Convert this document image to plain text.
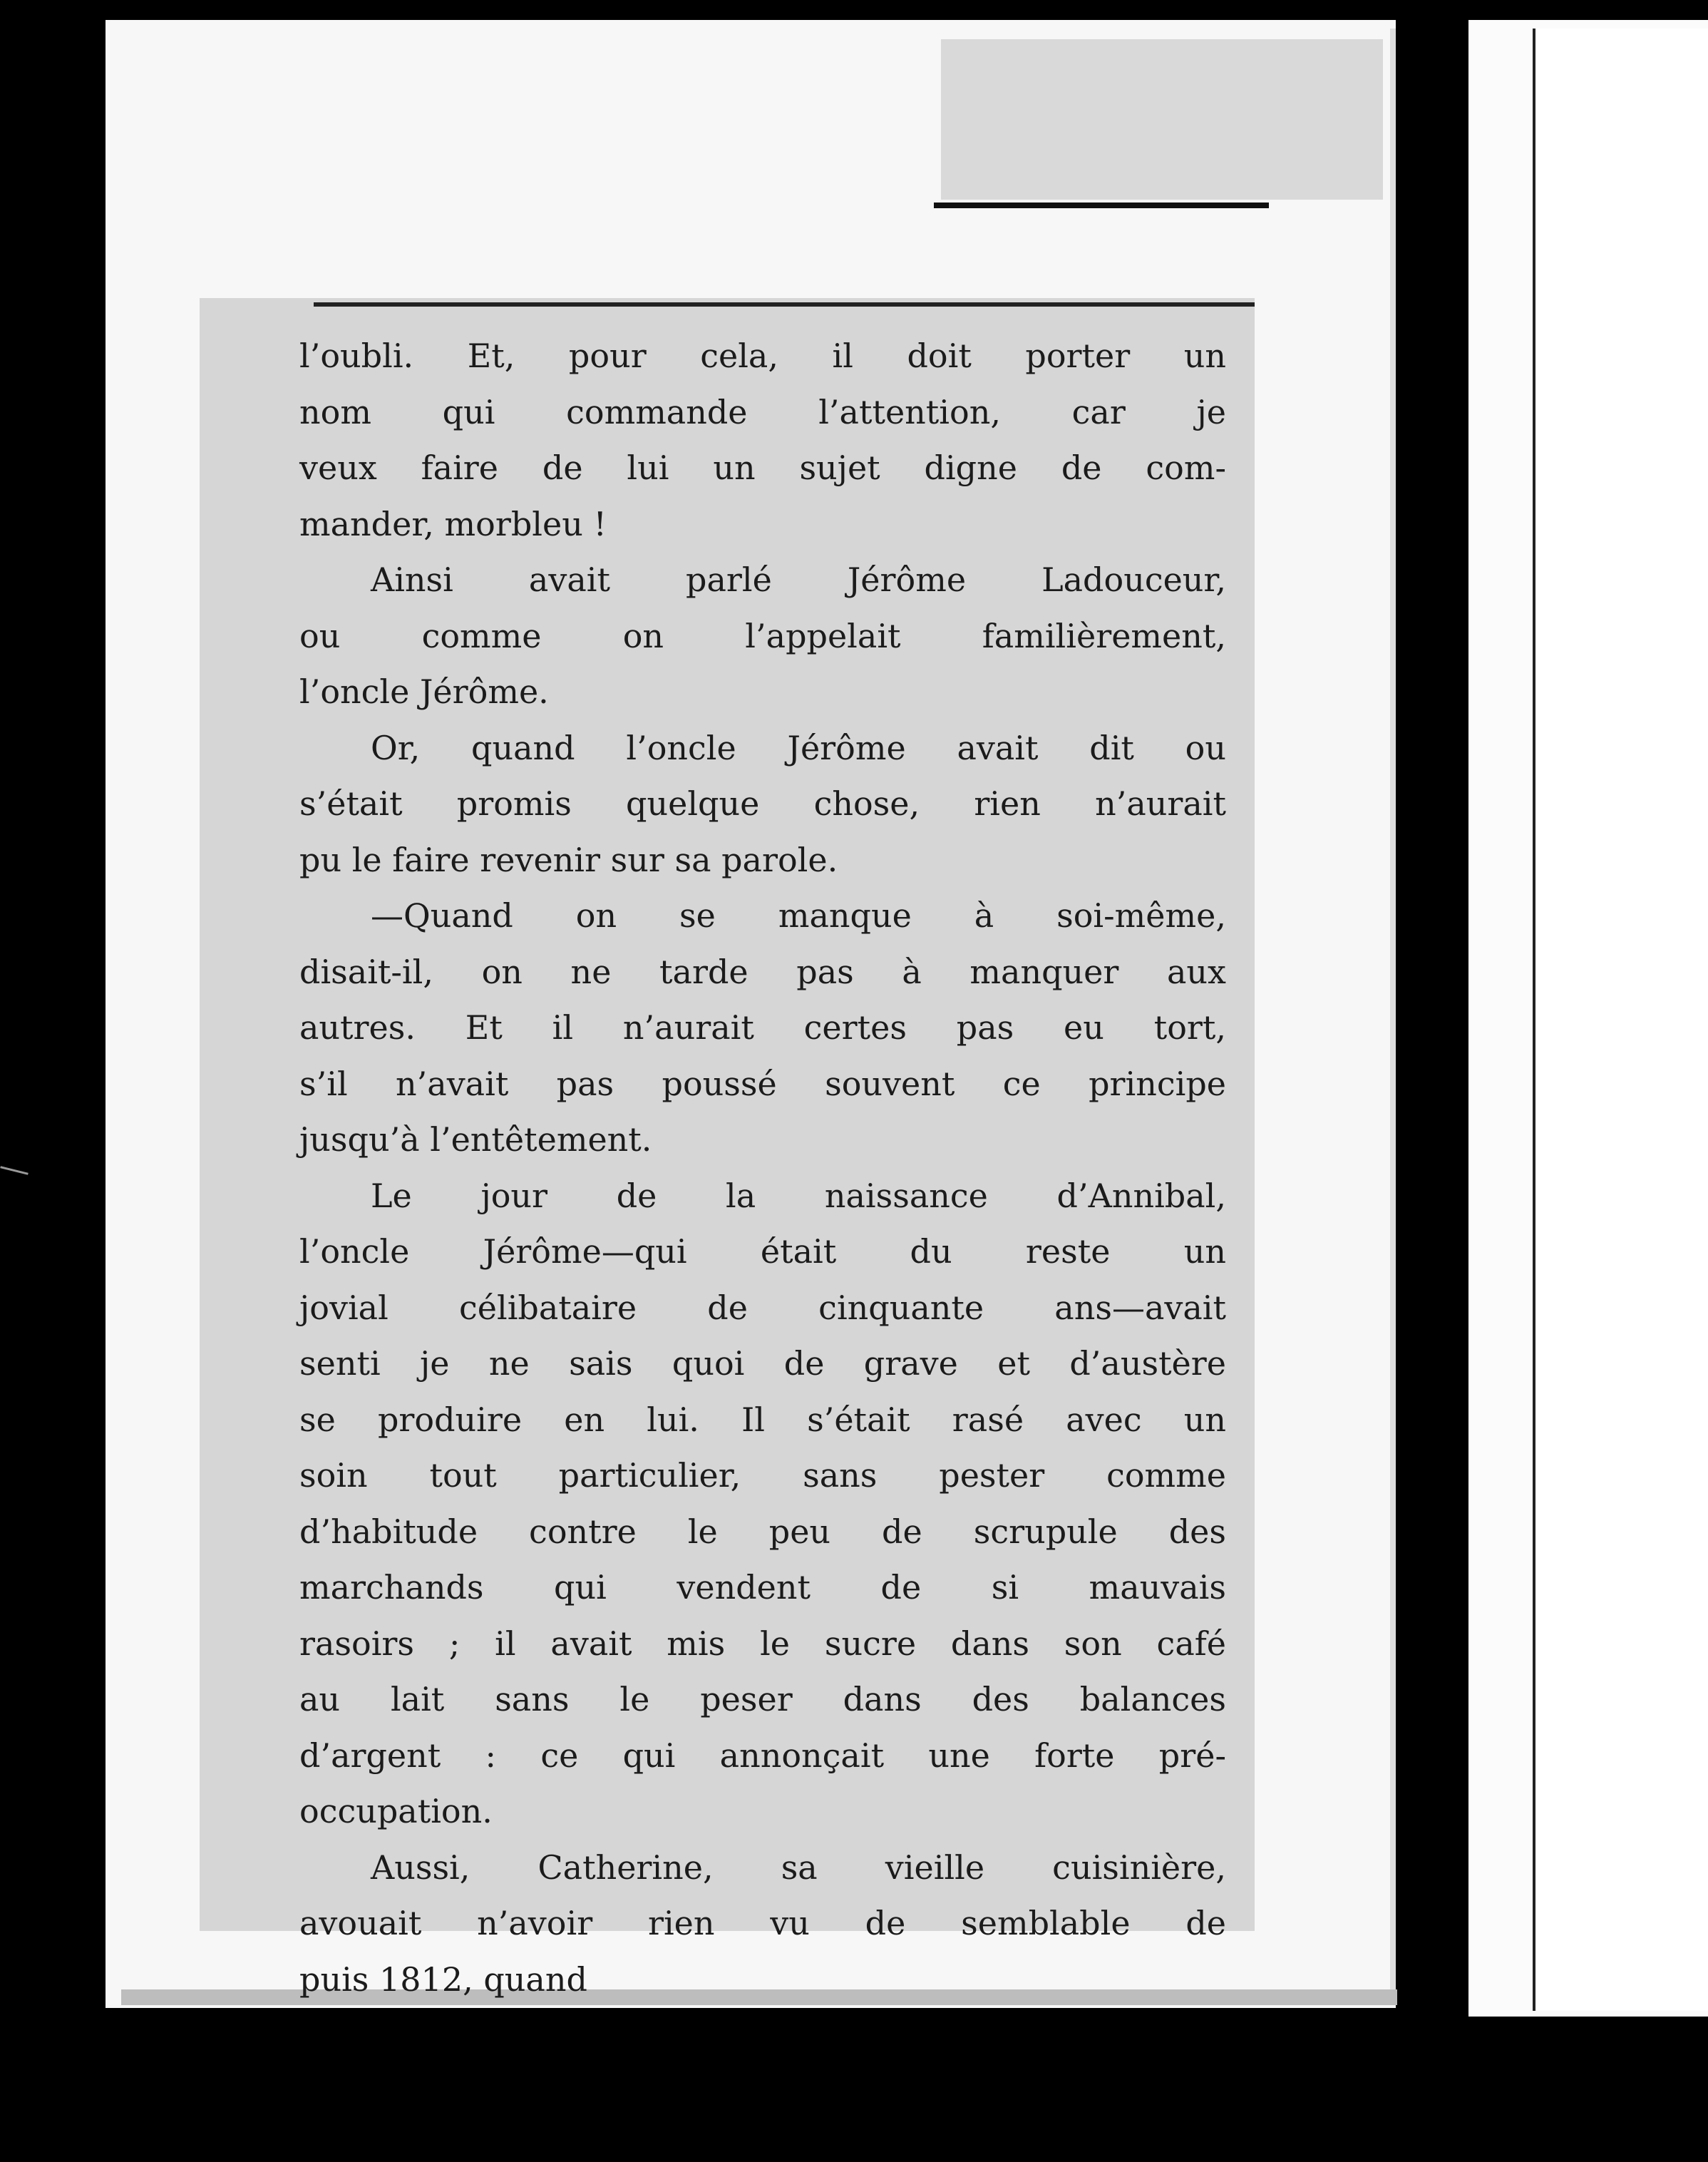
l’oubli. Et, pour cela, il doit porter un
nom qui commande l’attention, car je
veux faire de lui un sujet digne de com-
mander, morbleu !
Ainsi avait parlé Jérôme Ladouceur,
ou comme on l’appelait familièrement,
l’oncle Jérôme.
Or, quand l’oncle Jérôme avait dit ou
s’était promis quelque chose, rien n’aurait
pu le faire revenir sur sa parole.
—Quand on se manque à soi-même,
disait-il, on ne tarde pas à manquer aux
autres. Et il n’aurait certes pas eu tort,
s’il n’avait pas poussé souvent ce principe
jusqu’à l’entêtement.
Le jour de la naissance d’Annibal,
l’oncle Jérôme—qui était du reste un
jovial célibataire de cinquante ans—avait
senti je ne sais quoi de grave et d’austère
se produire en lui. Il s’était rasé avec un
soin tout particulier, sans pester comme
d’habitude contre le peu de scrupule des
marchands qui vendent de si mauvais
rasoirs ; il avait mis le sucre dans son café
au lait sans le peser dans des balances
d’argent : ce qui annonçait une forte pré-
occupation.
Aussi, Catherine, sa vieille cuisinière,
avouait n’avoir rien vu de semblable de
puis 1812, quand
